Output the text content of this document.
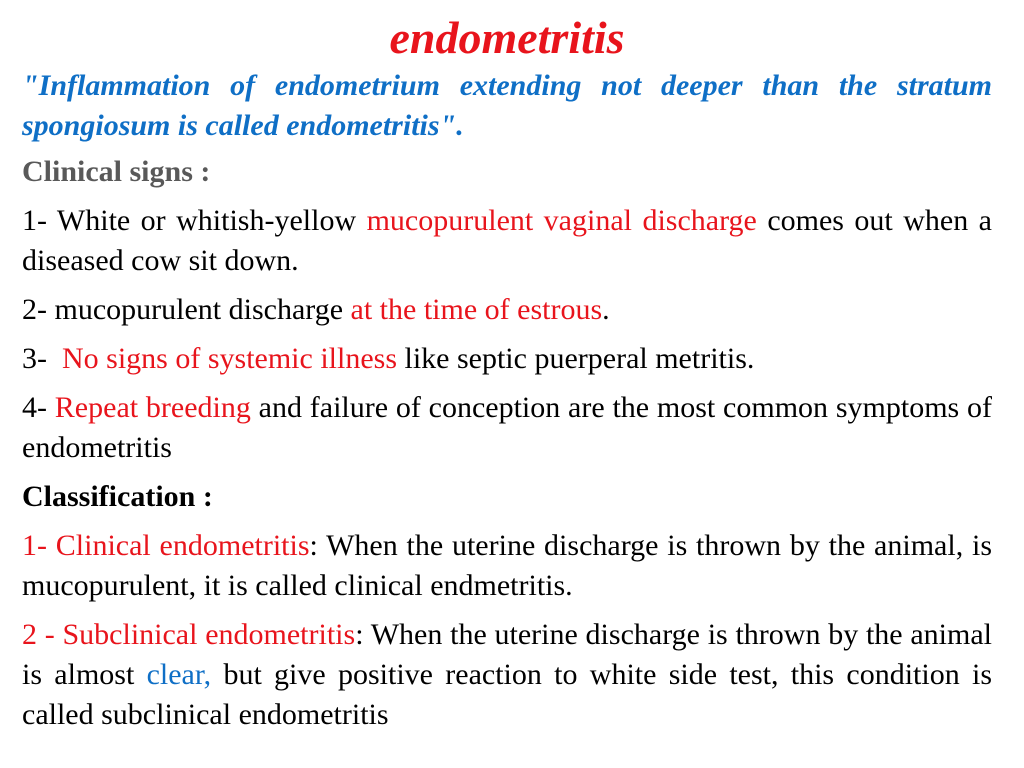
endometritis

"Inflammation of endometrium extending not deeper than the stratum spongiosum is called endometritis".

Clinical signs :

1- White or whitish-yellow mucopurulent vaginal discharge comes out when a diseased cow sit down.

2- mucopurulent discharge at the time of estrous.

3-  No signs of systemic illness like septic puerperal metritis.

4- Repeat breeding and failure of conception are the most common symptoms of endometritis

Classification :

1- Clinical endometritis: When the uterine discharge is thrown by the animal, is mucopurulent, it is called clinical endmetritis.

2 - Subclinical endometritis: When the uterine discharge is thrown by the animal is almost clear, but give positive reaction to white side test, this condition is called subclinical endometritis
